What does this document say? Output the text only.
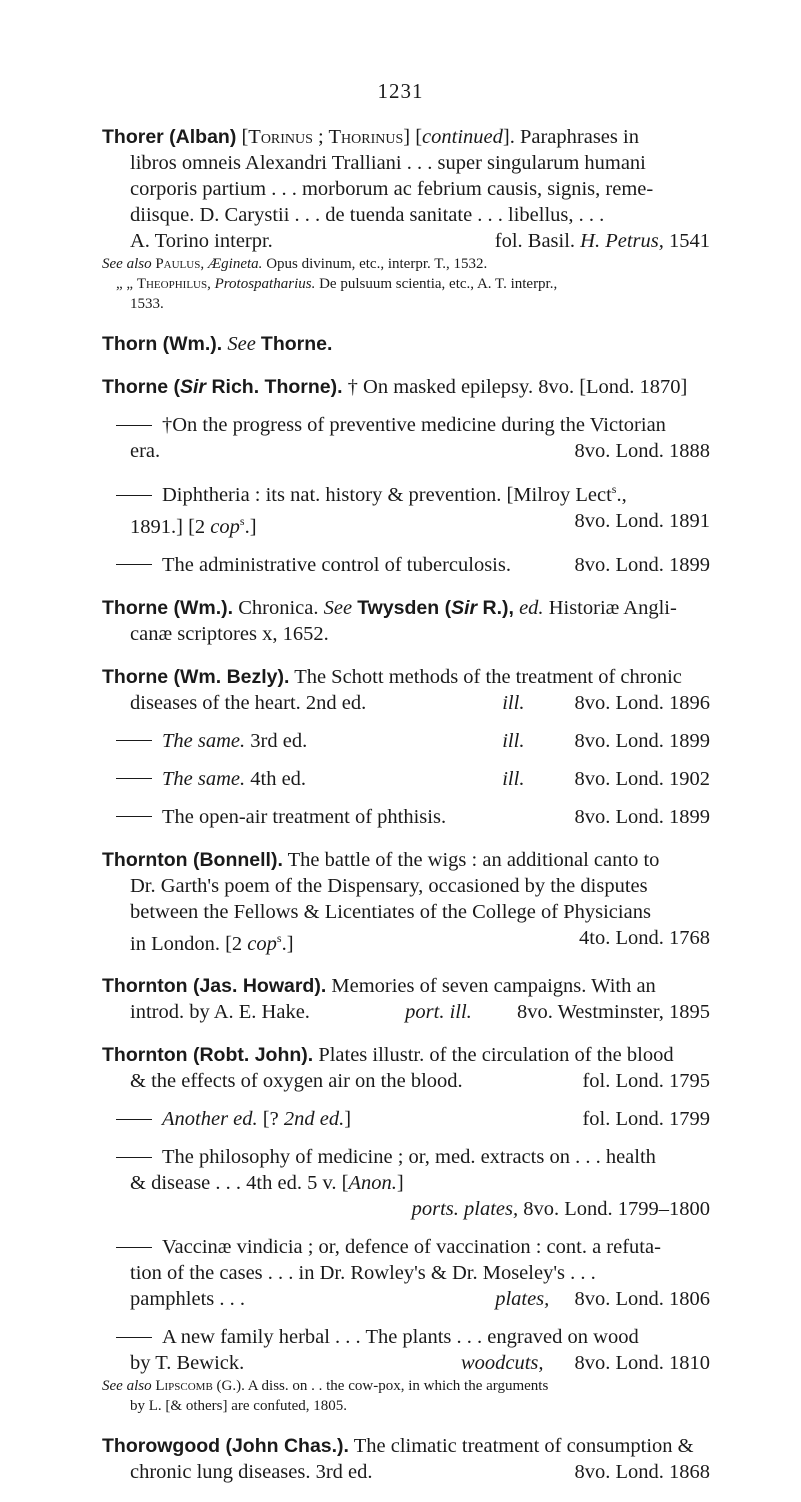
1231
Thorer (Alban) [Torinus ; Thorinus] [continued]. Paraphrases in
libros omneis Alexandri Tralliani . . . super singularum humani
corporis partium . . . morborum ac febrium causis, signis, reme-
diisque. D. Carystii . . . de tuenda sanitate . . . libellus, . . .
A. Torino interpr.	fol. Basil. H. Petrus, 1541
See also Paulus, Ægineta. Opus divinum, etc., interpr. T., 1532.
„ „ Theophilus, Protospatharius. De pulsuum scientia, etc., A. T. interpr.,
1533.
Thorn (Wm.). See Thorne.
Thorne (Sir Rich. Thorne). † On masked epilepsy. 8vo. [Lond. 1870]
†On the progress of preventive medicine during the Victorian
era.	8vo. Lond. 1888
Diphtheria : its nat. history & prevention. [Milroy Lect$^s$.,
1891.] [2 cop$^s$.]	8vo. Lond. 1891
The administrative control of tuberculosis.	8vo. Lond. 1899
Thorne (Wm.). Chronica. See Twysden (Sir R.), ed. Historiæ Angli-
canæ scriptores x, 1652.
Thorne (Wm. Bezly). The Schott methods of the treatment of chronic
diseases of the heart. 2nd ed.	ill.	8vo. Lond. 1896
The same. 3rd ed.	ill.	8vo. Lond. 1899
The same. 4th ed.	ill.	8vo. Lond. 1902
The open-air treatment of phthisis.	8vo. Lond. 1899
Thornton (Bonnell). The battle of the wigs : an additional canto to
Dr. Garth's poem of the Dispensary, occasioned by the disputes
between the Fellows & Licentiates of the College of Physicians
in London. [2 cop$^s$.]	4to. Lond. 1768
Thornton (Jas. Howard). Memories of seven campaigns. With an
introd. by A. E. Hake.	port. ill. 8vo. Westminster, 1895
Thornton (Robt. John). Plates illustr. of the circulation of the blood
& the effects of oxygen air on the blood.	fol. Lond. 1795
Another ed. [? 2nd ed.]	fol. Lond. 1799
The philosophy of medicine ; or, med. extracts on . . . health
& disease . . . 4th ed. 5 v. [Anon.]
ports. plates, 8vo. Lond. 1799–1800
Vaccinæ vindicia ; or, defence of vaccination : cont. a refuta-
tion of the cases . . . in Dr. Rowley's & Dr. Moseley's . . .
pamphlets . . .	plates, 8vo. Lond. 1806
A new family herbal . . . The plants . . . engraved on wood
by T. Bewick.	woodcuts, 8vo. Lond. 1810
See also Lipscomb (G.). A diss. on . . the cow-pox, in which the arguments
by L. [& others] are confuted, 1805.
Thorowgood (John Chas.). The climatic treatment of consumption &
chronic lung diseases. 3rd ed.	8vo. Lond. 1868
